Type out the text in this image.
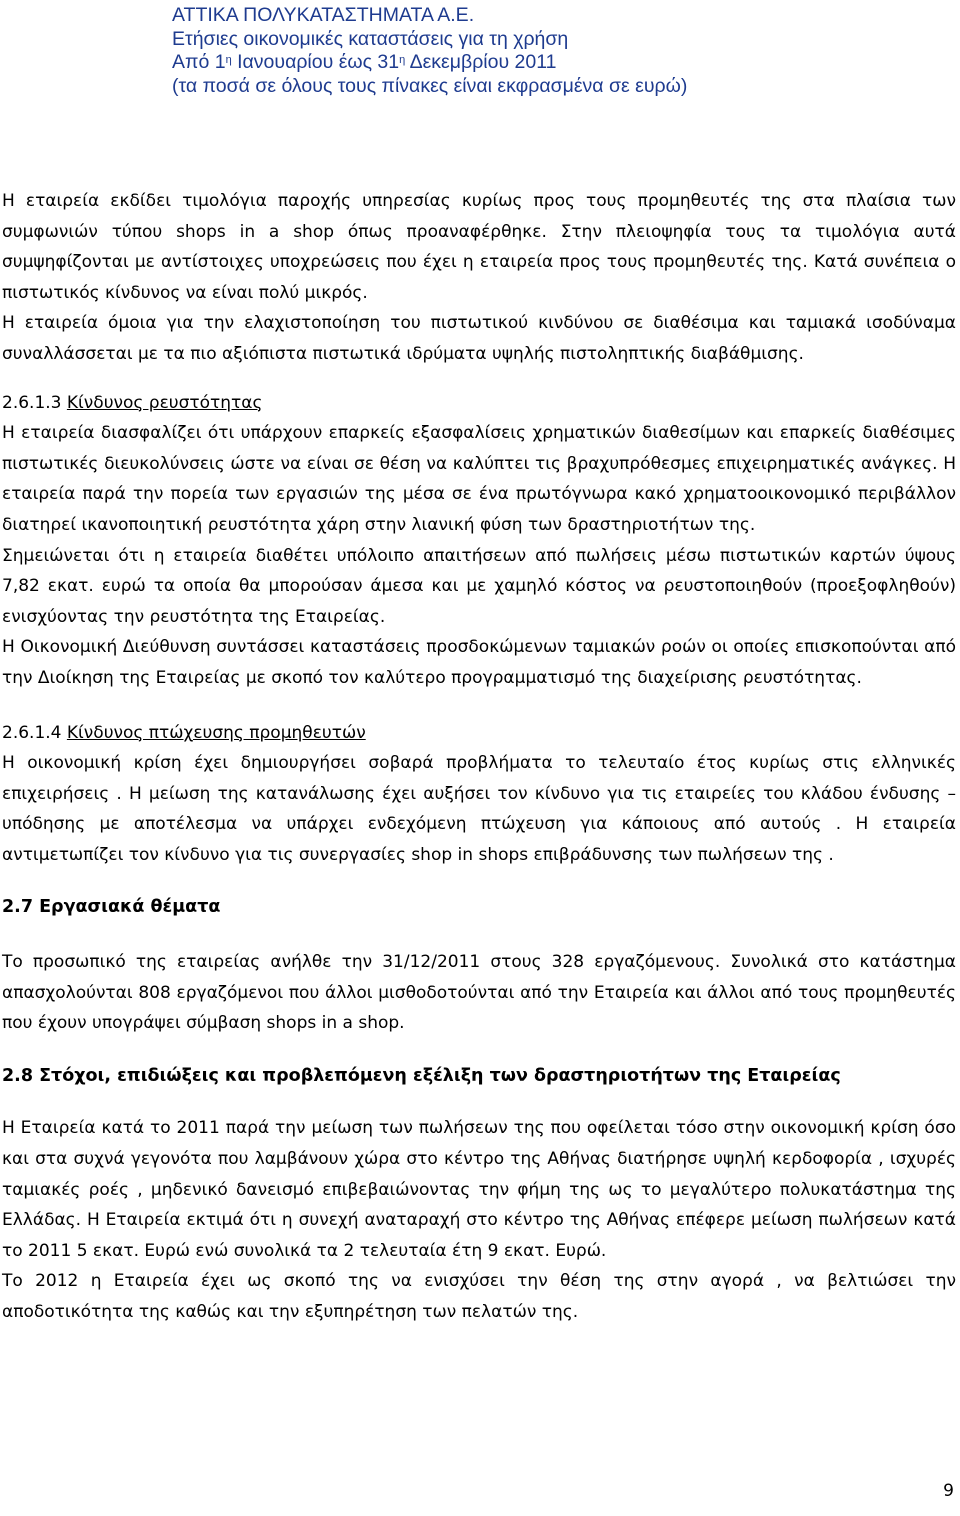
ΑΤΤΙΚΑ ΠΟΛΥΚΑΤΑΣΤΗΜΑΤΑ Α.Ε.
Ετήσιες οικονομικές καταστάσεις για τη χρήση
Από $1^\eta$ Ιανουαρίου έως $31^\eta$ Δεκεμβρίου 2011
(τα ποσά σε όλους τους πίνακες είναι εκφρασμένα σε ευρώ)

Η εταιρεία εκδίδει τιμολόγια παροχής υπηρεσίας κυρίως προς τους προμηθευτές της στα πλαίσια των συμφωνιών τύπου shops in a shop όπως προαναφέρθηκε. Στην πλειοψηφία τους τα τιμολόγια αυτά συμψηφίζονται με αντίστοιχες υποχρεώσεις που έχει η εταιρεία προς τους προμηθευτές της. Κατά συνέπεια ο πιστωτικός κίνδυνος να είναι πολύ μικρός.

Η εταιρεία όμοια για την ελαχιστοποίηση του πιστωτικού κινδύνου σε διαθέσιμα και ταμιακά ισοδύναμα συναλλάσσεται με τα πιο αξιόπιστα πιστωτικά ιδρύματα υψηλής πιστοληπτικής διαβάθμισης.

2.6.1.3 Κίνδυνος ρευστότητας

Η εταιρεία διασφαλίζει ότι υπάρχουν επαρκείς εξασφαλίσεις χρηματικών διαθεσίμων και επαρκείς διαθέσιμες πιστωτικές διευκολύνσεις ώστε να είναι σε θέση να καλύπτει τις βραχυπρόθεσμες επιχειρηματικές ανάγκες. Η εταιρεία παρά την πορεία των εργασιών της μέσα σε ένα πρωτόγνωρα κακό χρηματοοικονομικό περιβάλλον διατηρεί ικανοποιητική ρευστότητα χάρη στην λιανική φύση των δραστηριοτήτων της.

Σημειώνεται ότι η εταιρεία διαθέτει υπόλοιπο απαιτήσεων από πωλήσεις μέσω πιστωτικών καρτών ύψους 7,82 εκατ. ευρώ τα οποία θα μπορούσαν άμεσα και με χαμηλό κόστος να ρευστοποιηθούν (προεξοφληθούν) ενισχύοντας την ρευστότητα της Εταιρείας.

Η Οικονομική Διεύθυνση συντάσσει καταστάσεις προσδοκώμενων ταμιακών ροών οι οποίες επισκοπούνται από την Διοίκηση της Εταιρείας με σκοπό τον καλύτερο προγραμματισμό της διαχείρισης ρευστότητας.

2.6.1.4 Κίνδυνος πτώχευσης προμηθευτών

Η οικονομική κρίση έχει δημιουργήσει σοβαρά προβλήματα το τελευταίο έτος κυρίως στις ελληνικές επιχειρήσεις . Η μείωση της κατανάλωσης έχει αυξήσει τον κίνδυνο για τις εταιρείες του κλάδου ένδυσης – υπόδησης με αποτέλεσμα να υπάρχει ενδεχόμενη πτώχευση για κάποιους από αυτούς . Η εταιρεία αντιμετωπίζει τον κίνδυνο για τις συνεργασίες shop in shops επιβράδυνσης των πωλήσεων της .

2.7 Εργασιακά θέματα

Το προσωπικό της εταιρείας ανήλθε την 31/12/2011 στους 328 εργαζόμενους. Συνολικά στο κατάστημα απασχολούνται 808 εργαζόμενοι που άλλοι μισθοδοτούνται από την Εταιρεία και άλλοι από τους προμηθευτές που έχουν υπογράψει σύμβαση shops in a shop.

2.8 Στόχοι, επιδιώξεις και προβλεπόμενη εξέλιξη των δραστηριοτήτων της Εταιρείας

Η Εταιρεία κατά το 2011 παρά την μείωση των πωλήσεων της που οφείλεται τόσο στην οικονομική κρίση όσο και στα συχνά γεγονότα που λαμβάνουν χώρα στο κέντρο της Αθήνας διατήρησε υψηλή κερδοφορία , ισχυρές ταμιακές ροές , μηδενικό δανεισμό επιβεβαιώνοντας την φήμη της ως το μεγαλύτερο πολυκατάστημα της Ελλάδας. Η Εταιρεία εκτιμά ότι η συνεχή αναταραχή στο κέντρο της Αθήνας επέφερε μείωση πωλήσεων κατά το 2011 5 εκατ. Ευρώ ενώ συνολικά τα 2 τελευταία έτη 9 εκατ. Ευρώ.

Το 2012 η Εταιρεία έχει ως σκοπό της να ενισχύσει την θέση της στην αγορά , να βελτιώσει την αποδοτικότητα της καθώς και την εξυπηρέτηση των πελατών της.

9
